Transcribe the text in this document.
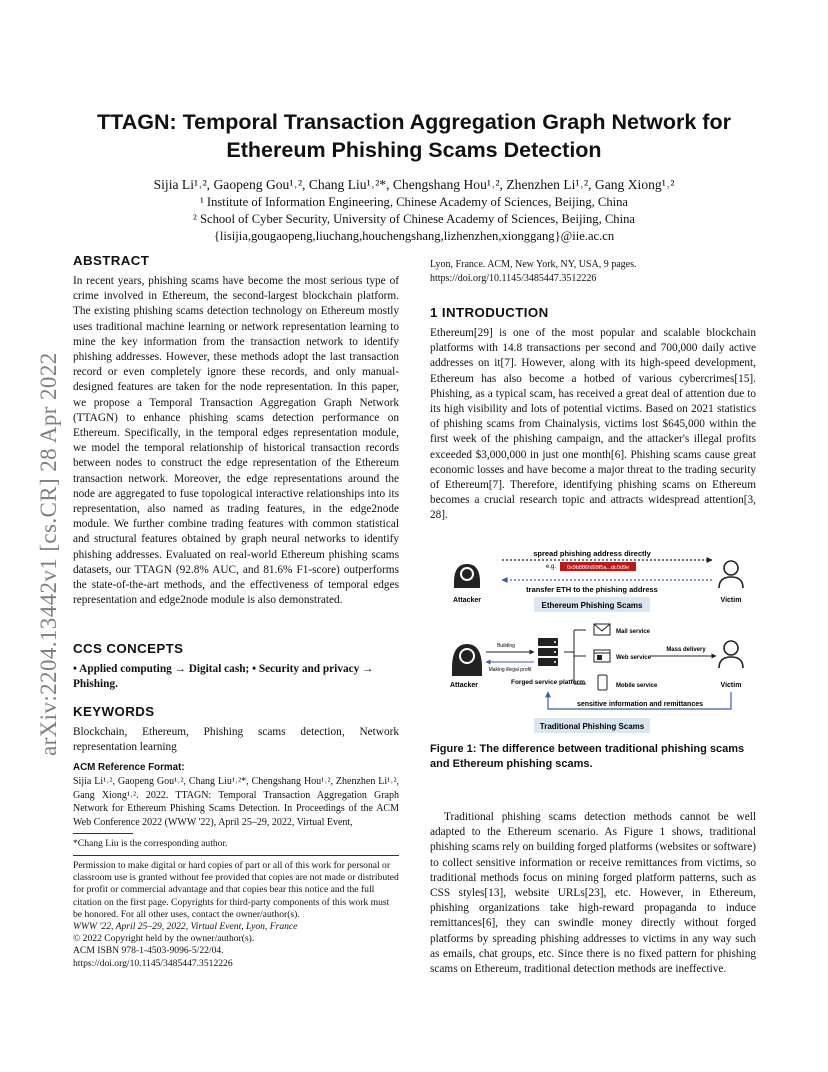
arXiv:2204.13442v1 [cs.CR] 28 Apr 2022
TTAGN: Temporal Transaction Aggregation Graph Network for
Ethereum Phishing Scams Detection
Sijia Li¹˒², Gaopeng Gou¹˒², Chang Liu¹˒²*, Chengshang Hou¹˒², Zhenzhen Li¹˒², Gang Xiong¹˒²
¹ Institute of Information Engineering, Chinese Academy of Sciences, Beijing, China
² School of Cyber Security, University of Chinese Academy of Sciences, Beijing, China
{lisijia,gougaopeng,liuchang,houchengshang,lizhenzhen,xionggang}@iie.ac.cn
ABSTRACT
In recent years, phishing scams have become the most serious type of crime involved in Ethereum, the second-largest blockchain platform. The existing phishing scams detection technology on Ethereum mostly uses traditional machine learning or network representation learning to mine the key information from the transaction network to identify phishing addresses. However, these methods adopt the last transaction record or even completely ignore these records, and only manual-designed features are taken for the node representation. In this paper, we propose a Temporal Transaction Aggregation Graph Network (TTAGN) to enhance phishing scams detection performance on Ethereum. Specifically, in the temporal edges representation module, we model the temporal relationship of historical transaction records between nodes to construct the edge representation of the Ethereum transaction network. Moreover, the edge representations around the node are aggregated to fuse topological interactive relationships into its representation, also named as trading features, in the edge2node module. We further combine trading features with common statistical and structural features obtained by graph neural networks to identify phishing addresses. Evaluated on real-world Ethereum phishing scams datasets, our TTAGN (92.8% AUC, and 81.6% F1-score) outperforms the state-of-the-art methods, and the effectiveness of temporal edges representation and edge2node module is also demonstrated.
CCS CONCEPTS
• Applied computing → Digital cash; • Security and privacy → Phishing.
KEYWORDS
Blockchain, Ethereum, Phishing scams detection, Network representation learning
ACM Reference Format:
Sijia Li¹˒², Gaopeng Gou¹˒², Chang Liu¹˒²*, Chengshang Hou¹˒², Zhenzhen Li¹˒², Gang Xiong¹˒². 2022. TTAGN: Temporal Transaction Aggregation Graph Network for Ethereum Phishing Scams Detection. In Proceedings of the ACM Web Conference 2022 (WWW '22), April 25–29, 2022, Virtual Event,
*Chang Liu is the corresponding author.
Permission to make digital or hard copies of part or all of this work for personal or classroom use is granted without fee provided that copies are not made or distributed for profit or commercial advantage and that copies bear this notice and the full citation on the first page. Copyrights for third-party components of this work must be honored. For all other uses, contact the owner/author(s).
WWW '22, April 25–29, 2022, Virtual Event, Lyon, France
© 2022 Copyright held by the owner/author(s).
ACM ISBN 978-1-4503-9096-5/22/04.
https://doi.org/10.1145/3485447.3512226
Lyon, France. ACM, New York, NY, USA, 9 pages. https://doi.org/10.1145/3485447.3512226
1 INTRODUCTION
Ethereum[29] is one of the most popular and scalable blockchain platforms with 14.8 transactions per second and 700,000 daily active addresses on it[7]. However, along with its high-speed development, Ethereum has also become a hotbed of various cybercrimes[15]. Phishing, as a typical scam, has received a great deal of attention due to its high visibility and lots of potential victims. Based on 2021 statistics of phishing scams from Chainalysis, victims lost $645,000 within the first week of the phishing campaign, and the attacker's illegal profits exceeded $3,000,000 in just one month[6]. Phishing scams cause great economic losses and have become a major threat to the trading security of Ethereum[7]. Therefore, identifying phishing scams on Ethereum becomes a crucial research topic and attracts widespread attention[3, 28].
Attacker	Victim
spread phishing address directly
e.g. 0x9b886fd99f5a...dc0d9e
transfer ETH to the phishing address
Ethereum Phishing Scams
Attacker
Building
Making illegal profit
Forged service platform
Mail service
Web service
Mobile service
Mass delivery
Victim
sensitive information and remittances
Traditional Phishing Scams
Figure 1: The difference between traditional phishing scams and Ethereum phishing scams.
Traditional phishing scams detection methods cannot be well adapted to the Ethereum scenario. As Figure 1 shows, traditional phishing scams rely on building forged platforms (websites or software) to collect sensitive information or receive remittances from victims, so traditional methods focus on mining forged platform patterns, such as CSS styles[13], website URLs[23], etc. However, in Ethereum, phishing organizations take high-reward propaganda to induce remittances[6], they can swindle money directly without forged platforms by spreading phishing addresses to victims in any way such as emails, chat groups, etc. Since there is no fixed pattern for phishing scams on Ethereum, traditional detection methods are ineffective.
